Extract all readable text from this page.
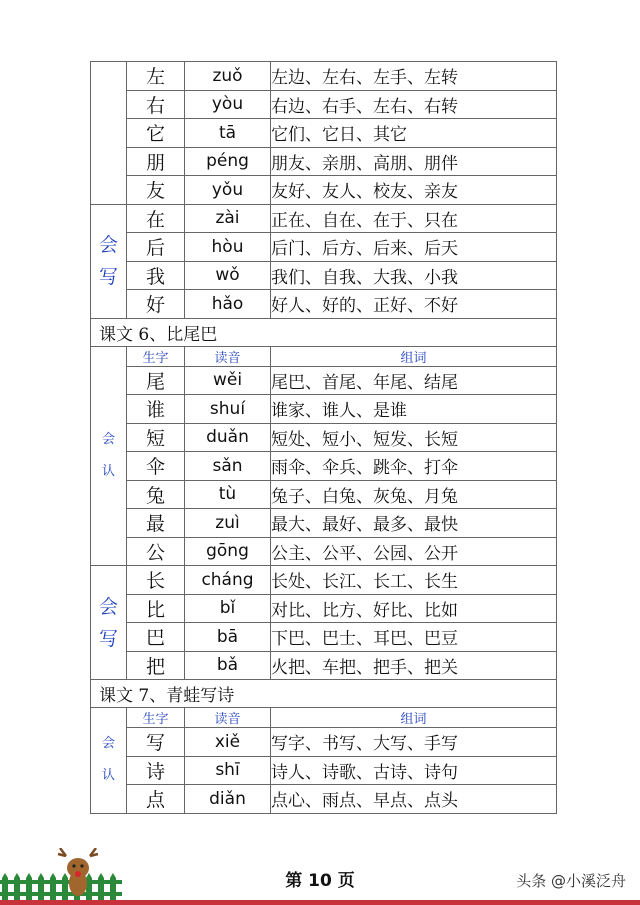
	左	zuǒ	左边、左右、左手、左转
	右	yòu	右边、右手、左右、右转
	它	tā	它们、它日、其它
	朋	péng	朋友、亲朋、高朋、朋伴
	友	yǒu	友好、友人、校友、亲友
会
写	在	zài	正在、自在、在于、只在
	后	hòu	后门、后方、后来、后天
	我	wǒ	我们、自我、大我、小我
	好	hǎo	好人、好的、正好、不好
课文 6、比尾巴			
会
认	生字	读音	组词
	尾	wěi	尾巴、首尾、年尾、结尾
	谁	shuí	谁家、谁人、是谁
	短	duǎn	短处、短小、短发、长短
	伞	sǎn	雨伞、伞兵、跳伞、打伞
	兔	tù	兔子、白兔、灰兔、月兔
	最	zuì	最大、最好、最多、最快
	公	gōng	公主、公平、公园、公开
会
写	长	cháng	长处、长江、长工、长生
	比	bǐ	对比、比方、好比、比如
	巴	bā	下巴、巴士、耳巴、巴豆
	把	bǎ	火把、车把、把手、把关
课文 7、青蛙写诗			
会
认	生字	读音	组词
	写	xiě	写字、书写、大写、手写
	诗	shī	诗人、诗歌、古诗、诗句
	点	diǎn	点心、雨点、早点、点头
第 10 页	头条 @小溪泛舟
